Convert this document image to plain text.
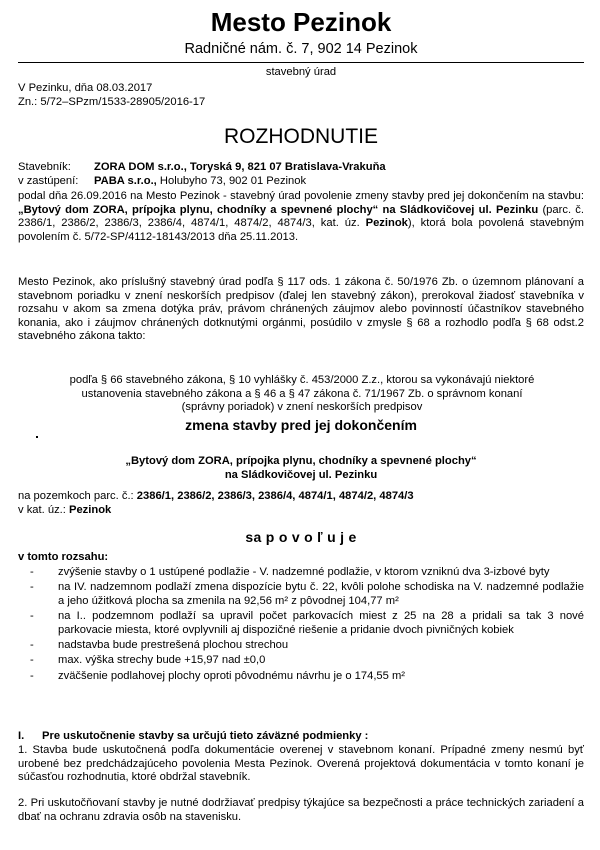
Mesto Pezinok
Radničné nám. č. 7, 902 14 Pezinok
stavebný úrad
V Pezinku, dňa 08.03.2017
Zn.: 5/72–SPzm/1533-28905/2016-17
ROZHODNUTIE

Stavebník: ZORA DOM s.r.o., Toryská 9, 821 07 Bratislava-Vrakuňa

v zastúpení: PABA s.r.o., Holubyho 73, 902 01 Pezinok

podal dňa 26.09.2016 na Mesto Pezinok - stavebný úrad povolenie zmeny stavby pred jej dokončením na stavbu: „Bytový dom ZORA, prípojka plynu, chodníky a spevnené plochy“ na Sládkovičovej ul. Pezinku (parc. č. 2386/1, 2386/2, 2386/3, 2386/4, 4874/1, 4874/2, 4874/3, kat. úz. Pezinok), ktorá bola povolená stavebným povolením č. 5/72-SP/4112-18143/2013 dňa 25.11.2013.

Mesto Pezinok, ako príslušný stavebný úrad podľa § 117 ods. 1 zákona č. 50/1976 Zb. o územnom plánovaní a stavebnom poriadku v znení neskorších predpisov (ďalej len stavebný zákon), prerokoval žiadosť stavebníka v rozsahu v akom sa zmena dotýka práv, právom chránených záujmov alebo povinností účastníkov stavebného konania, ako i záujmov chránených dotknutými orgánmi, posúdilo v zmysle § 68 a rozhodlo podľa § 68 odst.2 stavebného zákona takto:

podľa § 66 stavebného zákona, § 10 vyhlášky č. 453/2000 Z.z., ktorou sa vykonávajú niektoré ustanovenia stavebného zákona a § 46 a § 47 zákona č. 71/1967 Zb. o správnom konaní (správny poriadok) v znení neskorších predpisov

zmena stavby pred jej dokončením

„Bytový dom ZORA, prípojka plynu, chodníky a spevnené plochy“

na Sládkovičovej ul. Pezinku

na pozemkoch parc. č.: 2386/1, 2386/2, 2386/3, 2386/4, 4874/1, 4874/2, 4874/3

v kat. úz.: Pezinok

sa p o v o ľ u j e
v tomto rozsahu:
- zvýšenie stavby o 1 ustúpené podlažie - V. nadzemné podlažie, v ktorom vzniknú dva 3-izbové byty
- na IV. nadzemnom podlaží zmena dispozície bytu č. 22, kvôli polohe schodiska na V. nadzemné podlažie a jeho úžitková plocha sa zmenila na 92,56 m² z pôvodnej 104,77 m²
- na I.. podzemnom podlaží sa upravil počet parkovacích miest z 25 na 28 a pridali sa tak 3 nové parkovacie miesta, ktoré ovplyvnili aj dispozičné riešenie a pridanie dvoch pivničných kobiek
- nadstavba bude prestrešená plochou strechou
- max. výška strechy bude +15,97 nad ±0,0
- zväčšenie podlahovej plochy oproti pôvodnému návrhu je o 174,55 m²
I. Pre uskutočnenie stavby sa určujú tieto záväzné podmienky :

1. Stavba bude uskutočnená podľa dokumentácie overenej v stavebnom konaní. Prípadné zmeny nesmú byť urobené bez predchádzajúceho povolenia Mesta Pezinok. Overená projektová dokumentácia v tomto konaní je súčasťou rozhodnutia, ktoré obdržal stavebník.

2. Pri uskutočňovaní stavby je nutné dodržiavať predpisy týkajúce sa bezpečnosti a práce technických zariadení a dbať na ochranu zdravia osôb na stavenisku.
